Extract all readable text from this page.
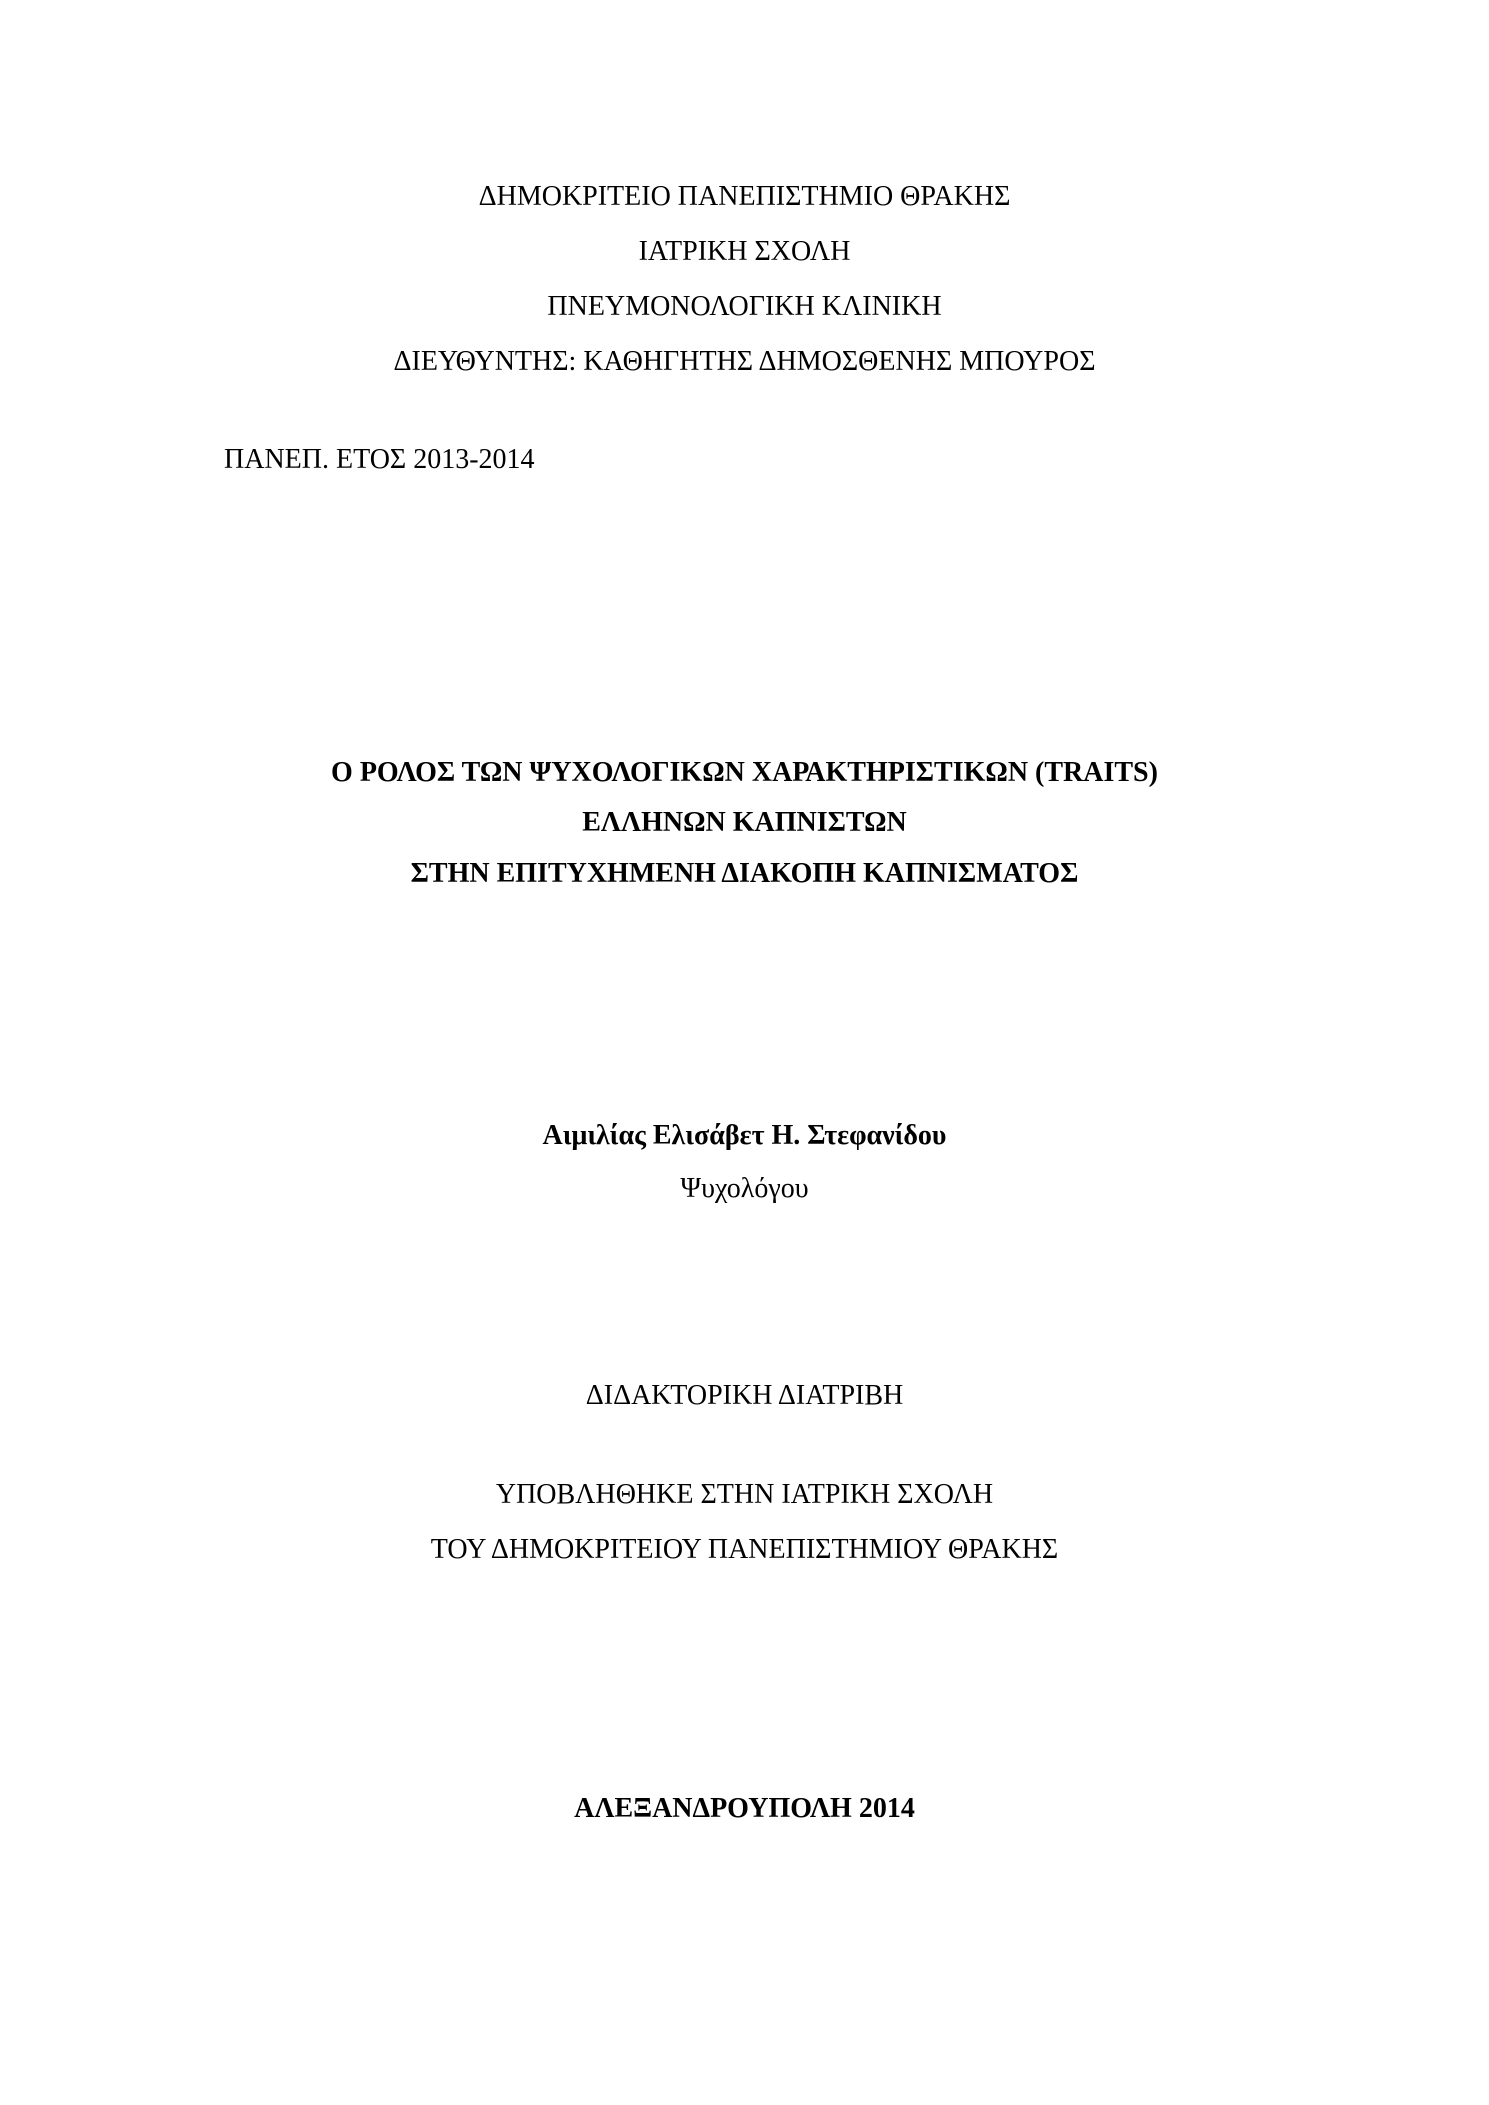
ΔΗΜΟΚΡΙΤΕΙΟ ΠΑΝΕΠΙΣΤΗΜΙΟ ΘΡΑΚΗΣ
ΙΑΤΡΙΚΗ ΣΧΟΛΗ
ΠΝΕΥΜΟΝΟΛΟΓΙΚΗ ΚΛΙΝΙΚΗ
ΔΙΕΥΘΥΝΤΗΣ: ΚΑΘΗΓΗΤΗΣ ΔΗΜΟΣΘΕΝΗΣ ΜΠΟΥΡΟΣ
ΠΑΝΕΠ. ΕΤΟΣ 2013-2014
Ο ΡΟΛΟΣ ΤΩΝ ΨΥΧΟΛΟΓΙΚΩΝ ΧΑΡΑΚΤΗΡΙΣΤΙΚΩΝ (TRAITS)
ΕΛΛΗΝΩΝ ΚΑΠΝΙΣΤΩΝ
ΣΤΗΝ ΕΠΙΤΥΧΗΜΕΝΗ ΔΙΑΚΟΠΗ ΚΑΠΝΙΣΜΑΤΟΣ
Αιμιλίας Ελισάβετ Η. Στεφανίδου
Ψυχολόγου
ΔΙΔΑΚΤΟΡΙΚΗ ΔΙΑΤΡΙΒΗ
ΥΠΟΒΛΗΘΗΚΕ ΣΤΗΝ ΙΑΤΡΙΚΗ ΣΧΟΛΗ
ΤΟΥ ΔΗΜΟΚΡΙΤΕΙΟΥ ΠΑΝΕΠΙΣΤΗΜΙΟΥ ΘΡΑΚΗΣ
ΑΛΕΞΑΝΔΡΟΥΠΟΛΗ 2014
